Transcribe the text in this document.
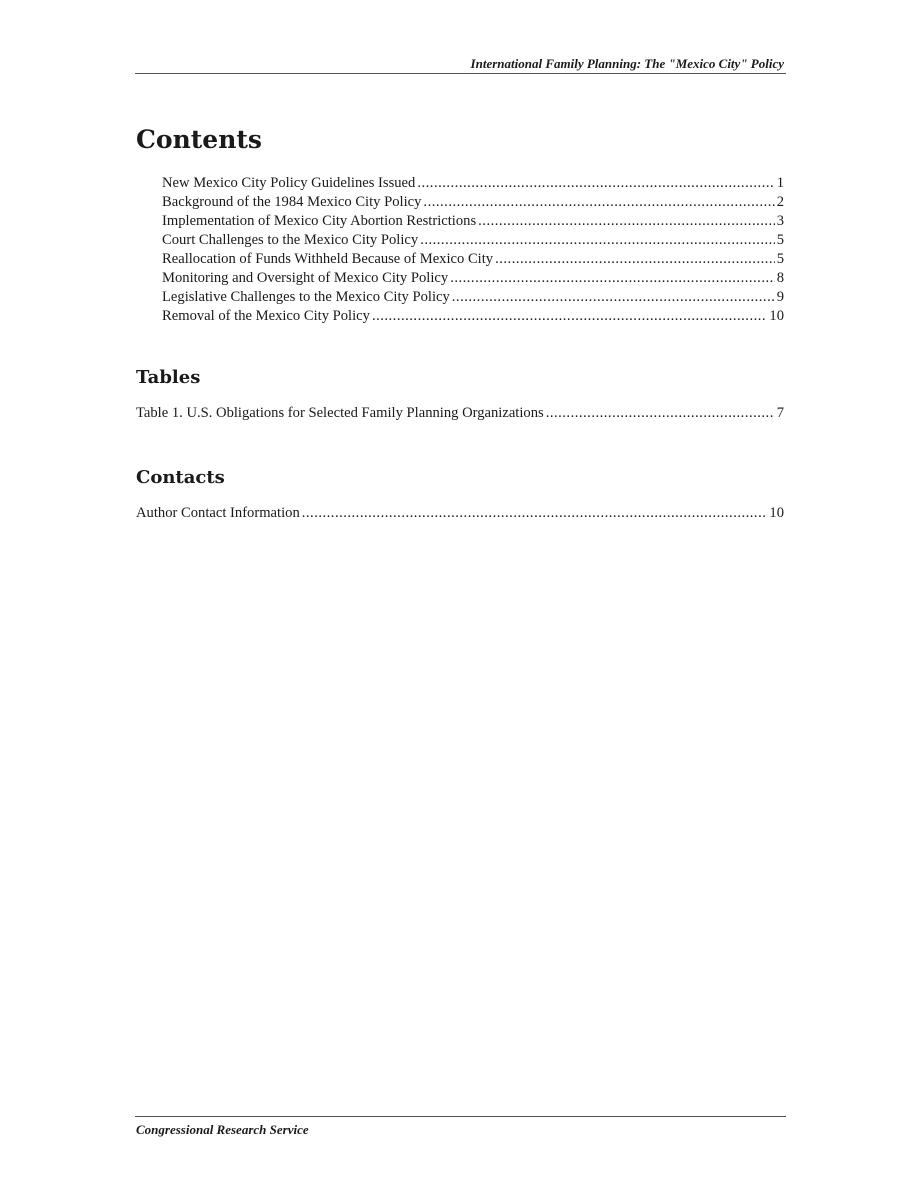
International Family Planning: The "Mexico City" Policy
Contents
New Mexico City Policy Guidelines Issued .....	1
Background of the 1984 Mexico City Policy .....	2
Implementation of Mexico City Abortion Restrictions .....	3
Court Challenges to the Mexico City Policy .....	5
Reallocation of Funds Withheld Because of Mexico City .....	5
Monitoring and Oversight of Mexico City Policy .....	8
Legislative Challenges to the Mexico City Policy .....	9
Removal of the Mexico City Policy .....	10
Tables
Table 1. U.S. Obligations for Selected Family Planning Organizations .....	7
Contacts
Author Contact Information .....	10
Congressional Research Service
